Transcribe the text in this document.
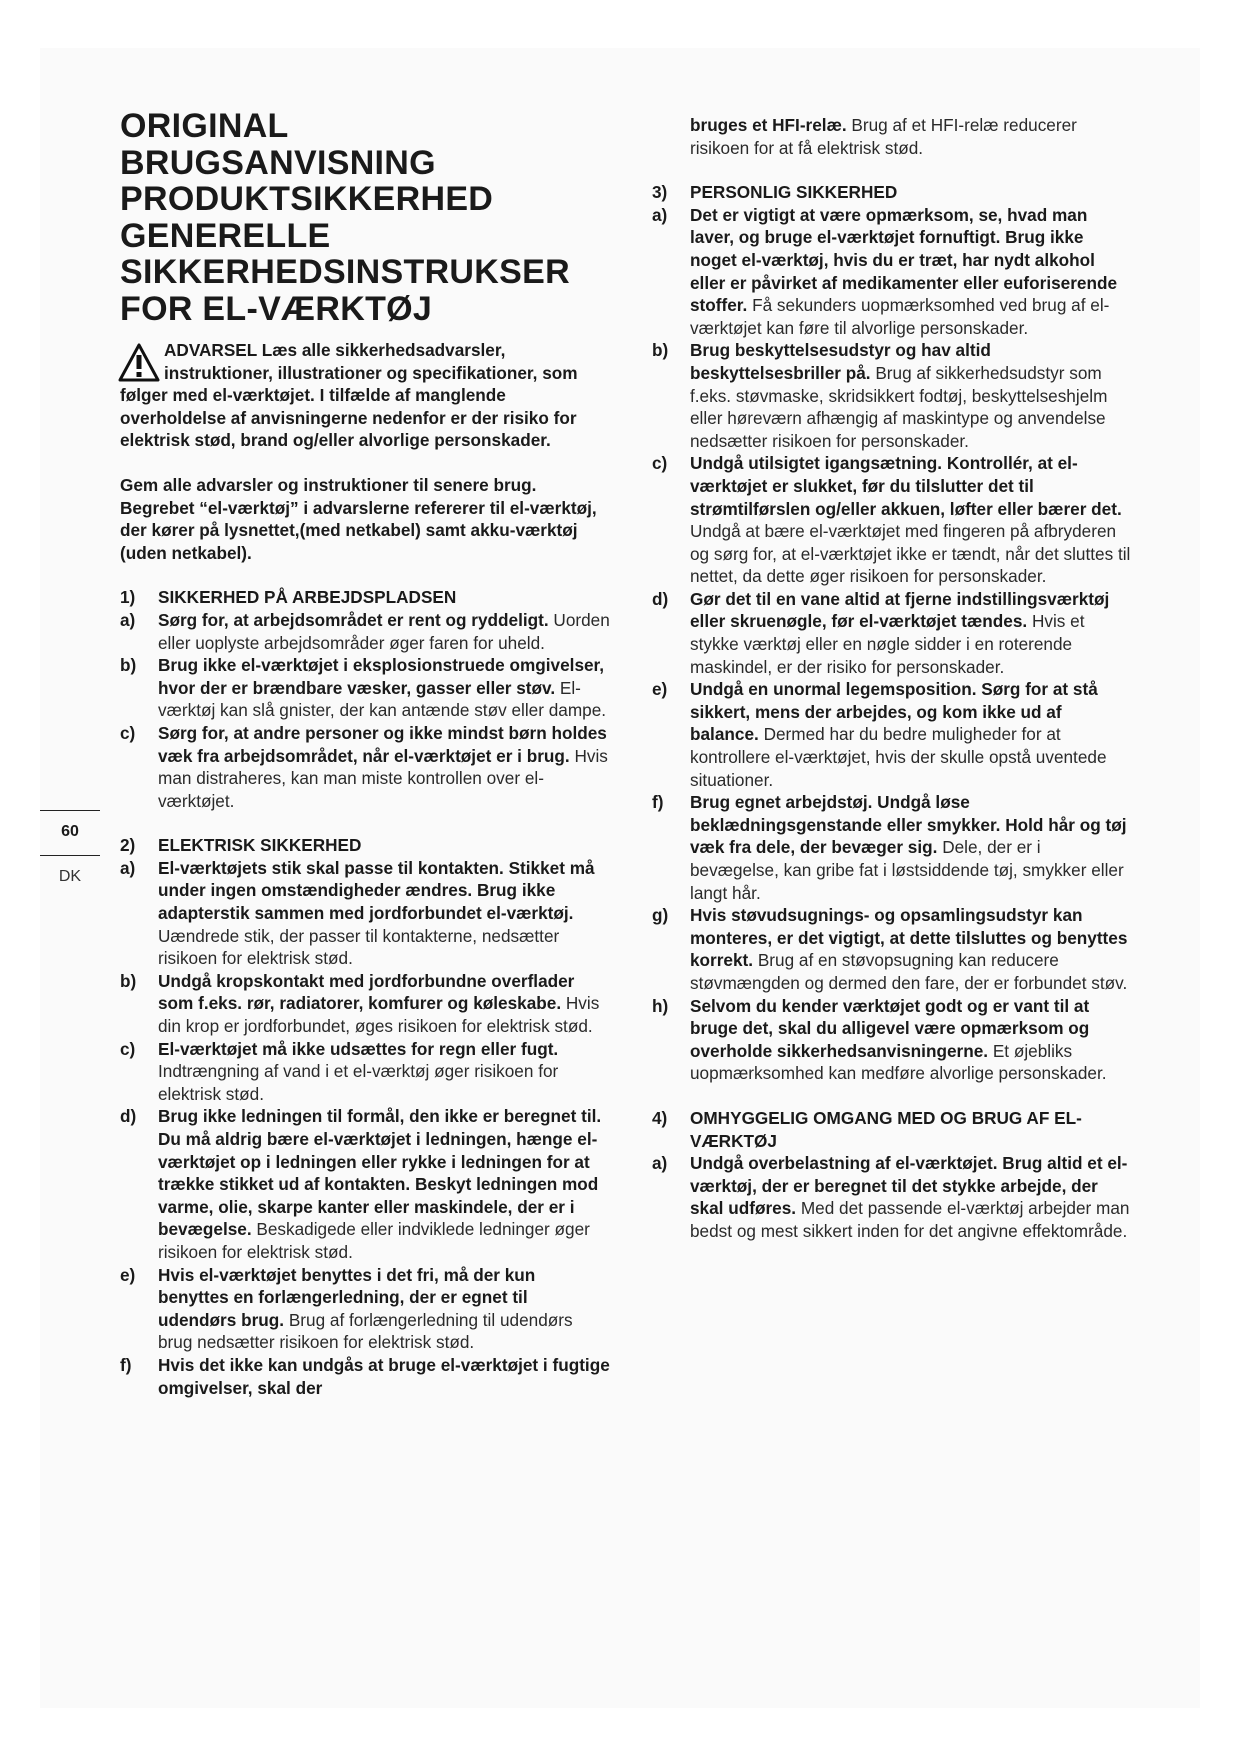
60
DK
ORIGINAL
BRUGSANVISNING
PRODUKTSIKKERHED
GENERELLE
SIKKERHEDSINSTRUKSER
FOR EL-VÆRKTØJ
ADVARSEL Læs alle sikkerhedsadvarsler, instruktioner, illustrationer og specifikationer, som følger med el-værktøjet. I tilfælde af manglende overholdelse af anvisningerne nedenfor er der risiko for elektrisk stød, brand og/eller alvorlige personskader.

Gem alle advarsler og instruktioner til senere brug.

Begrebet “el-værktøj” i advarslerne refererer til el-værktøj, der kører på lysnettet,(med netkabel) samt akku-værktøj (uden netkabel).

1)	SIKKERHED PÅ ARBEJDSPLADSEN
a)	Sørg for, at arbejdsområdet er rent og ryddeligt. Uorden eller uoplyste arbejdsområder øger faren for uheld.
b)	Brug ikke el-værktøjet i eksplosionstruede omgivelser, hvor der er brændbare væsker, gasser eller støv. El-værktøj kan slå gnister, der kan antænde støv eller dampe.
c)	Sørg for, at andre personer og ikke mindst børn holdes væk fra arbejdsområdet, når el-værktøjet er i brug. Hvis man distraheres, kan man miste kontrollen over el-værktøjet.
2)	ELEKTRISK SIKKERHED
a)	El-værktøjets stik skal passe til kontakten. Stikket må under ingen omstændigheder ændres. Brug ikke adapterstik sammen med jordforbundet el-værktøj. Uændrede stik, der passer til kontakterne, nedsætter risikoen for elektrisk stød.
b)	Undgå kropskontakt med jordforbundne overflader som f.eks. rør, radiatorer, komfurer og køleskabe. Hvis din krop er jordforbundet, øges risikoen for elektrisk stød.
c)	El-værktøjet må ikke udsættes for regn eller fugt. Indtrængning af vand i et el-værktøj øger risikoen for elektrisk stød.
d)	Brug ikke ledningen til formål, den ikke er beregnet til. Du må aldrig bære el-værktøjet i ledningen, hænge el-værktøjet op i ledningen eller rykke i ledningen for at trække stikket ud af kontakten. Beskyt ledningen mod varme, olie, skarpe kanter eller maskindele, der er i bevægelse. Beskadigede eller indviklede ledninger øger risikoen for elektrisk stød.
e)	Hvis el-værktøjet benyttes i det fri, må der kun benyttes en forlængerledning, der er egnet til udendørs brug. Brug af forlængerledning til udendørs brug nedsætter risikoen for elektrisk stød.
f)	Hvis det ikke kan undgås at bruge el-værktøjet i fugtige omgivelser, skal der
bruges et HFI-relæ. Brug af et HFI-relæ reducerer risikoen for at få elektrisk stød.
3)	PERSONLIG SIKKERHED
a)	Det er vigtigt at være opmærksom, se, hvad man laver, og bruge el-værktøjet fornuftigt. Brug ikke noget el-værktøj, hvis du er træt, har nydt alkohol eller er påvirket af medikamenter eller euforiserende stoffer. Få sekunders uopmærksomhed ved brug af el-værktøjet kan føre til alvorlige personskader.
b)	Brug beskyttelsesudstyr og hav altid beskyttelsesbriller på. Brug af sikkerhedsudstyr som f.eks. støvmaske, skridsikkert fodtøj, beskyttelseshjelm eller høreværn afhængig af maskintype og anvendelse nedsætter risikoen for personskader.
c)	Undgå utilsigtet igangsætning. Kontrollér, at el-værktøjet er slukket, før du tilslutter det til strømtilførslen og/eller akkuen, løfter eller bærer det. Undgå at bære el-værktøjet med fingeren på afbryderen og sørg for, at el-værktøjet ikke er tændt, når det sluttes til nettet, da dette øger risikoen for personskader.
d)	Gør det til en vane altid at fjerne indstillingsværktøj eller skruenøgle, før el-værktøjet tændes. Hvis et stykke værktøj eller en nøgle sidder i en roterende maskindel, er der risiko for personskader.
e)	Undgå en unormal legemsposition. Sørg for at stå sikkert, mens der arbejdes, og kom ikke ud af balance. Dermed har du bedre muligheder for at kontrollere el-værktøjet, hvis der skulle opstå uventede situationer.
f)	Brug egnet arbejdstøj. Undgå løse beklædningsgenstande eller smykker. Hold hår og tøj væk fra dele, der bevæger sig. Dele, der er i bevægelse, kan gribe fat i løstsiddende tøj, smykker eller langt hår.
g)	Hvis støvudsugnings- og opsamlingsudstyr kan monteres, er det vigtigt, at dette tilsluttes og benyttes korrekt. Brug af en støvopsugning kan reducere støvmængden og dermed den fare, der er forbundet støv.
h)	Selvom du kender værktøjet godt og er vant til at bruge det, skal du alligevel være opmærksom og overholde sikkerhedsanvisningerne. Et øjebliks uopmærksomhed kan medføre alvorlige personskader.
4)	OMHYGGELIG OMGANG MED OG BRUG AF EL-VÆRKTØJ
a)	Undgå overbelastning af el-værktøjet. Brug altid et el-værktøj, der er beregnet til det stykke arbejde, der skal udføres. Med det passende el-værktøj arbejder man bedst og mest sikkert inden for det angivne effektområde.
